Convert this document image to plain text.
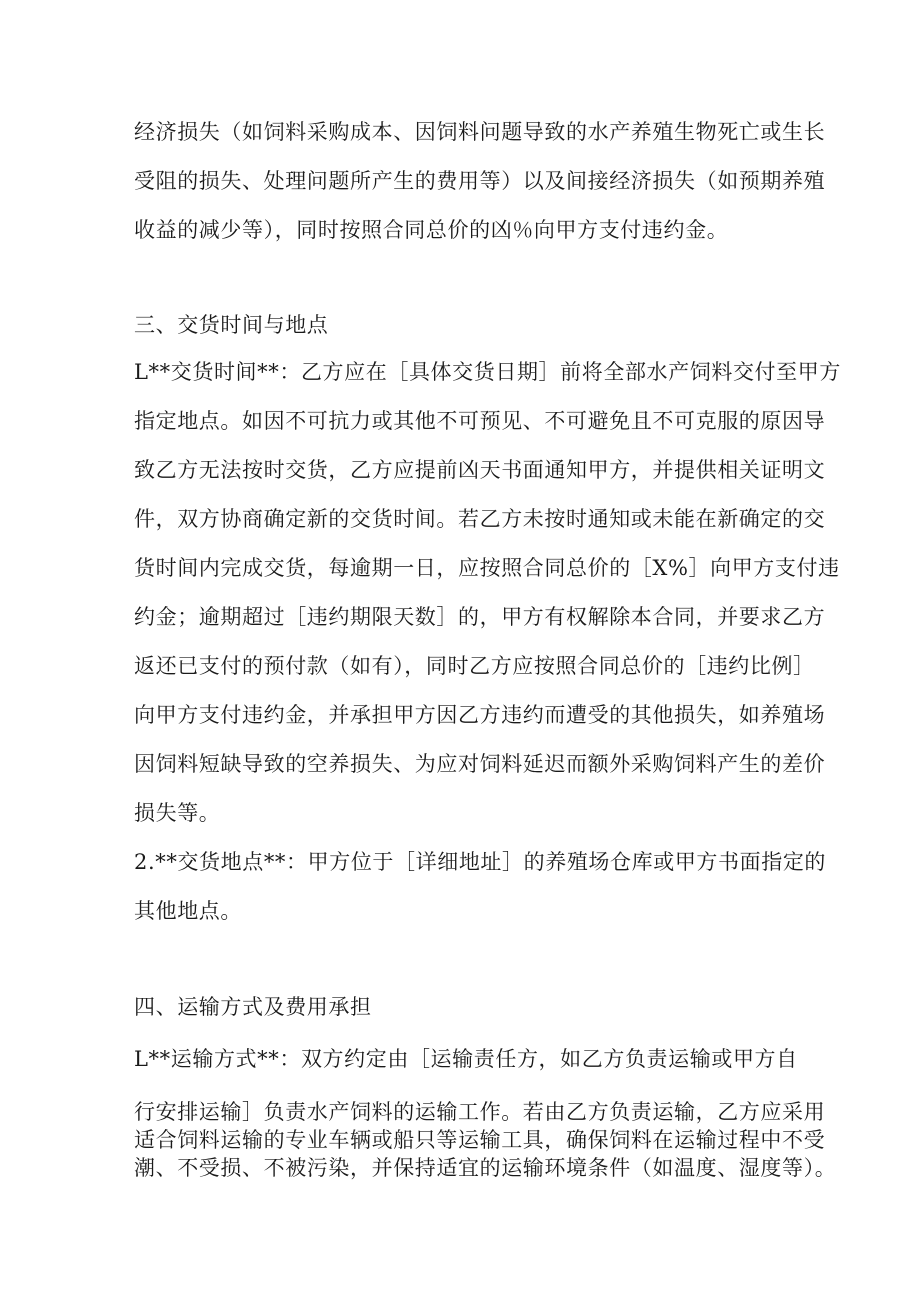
经济损失（如饲料采购成本、因饲料问题导致的水产养殖生物死亡或生长
受阻的损失、处理问题所产生的费用等）以及间接经济损失（如预期养殖
收益的减少等），同时按照合同总价的凶％向甲方支付违约金。
三、交货时间与地点
L**交货时间**：乙方应在［具体交货日期］前将全部水产饲料交付至甲方
指定地点。如因不可抗力或其他不可预见、不可避免且不可克服的原因导
致乙方无法按时交货，乙方应提前凶天书面通知甲方，并提供相关证明文
件，双方协商确定新的交货时间。若乙方未按时通知或未能在新确定的交
货时间内完成交货，每逾期一日，应按照合同总价的［X%］向甲方支付违
约金；逾期超过［违约期限天数］的，甲方有权解除本合同，并要求乙方
返还已支付的预付款（如有），同时乙方应按照合同总价的［违约比例］
向甲方支付违约金，并承担甲方因乙方违约而遭受的其他损失，如养殖场
因饲料短缺导致的空养损失、为应对饲料延迟而额外采购饲料产生的差价
损失等。
2.**交货地点**：甲方位于［详细地址］的养殖场仓库或甲方书面指定的
其他地点。
四、运输方式及费用承担
L**运输方式**：双方约定由［运输责任方，如乙方负责运输或甲方自
行安排运输］负责水产饲料的运输工作。若由乙方负责运输，乙方应采用
适合饲料运输的专业车辆或船只等运输工具，确保饲料在运输过程中不受
潮、不受损、不被污染，并保持适宜的运输环境条件（如温度、湿度等）。
